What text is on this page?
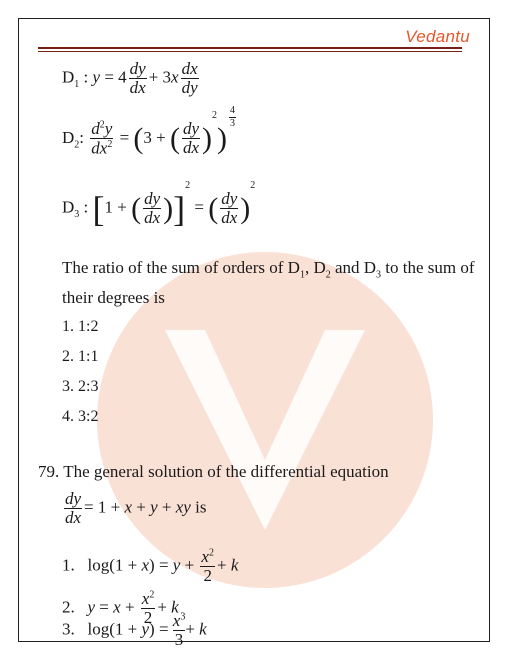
Vedantu
$D_1$ : $y = 4 \frac{dy}{dx} + 3x \frac{dx}{dy}$
$D_2$: $\frac{d^2y}{dx^2} = (3$ + ( $\frac{dy}{dx} )^2$)
$\frac{4}{3}$
$D_3$ : [1 + ( $\frac{dy}{dx} )]^2$ = ( $\frac{dy}{dx} )^2$
The ratio of the sum of orders of $D_1$, $D_2$ and $D_3$ to the sum of
their degrees is
1. 1:2
2. 1:1
3. 2:3
4. 3:2
79. The general solution of the differential equation
$\frac{dy}{dx} = 1 + x + y$ + xy is
1.   $\log(1 + x) = y + \frac{x^2}{2} + k$
2. $y = x + \frac{x^2}{2} + k$
3.   $\log(1 + y) = \frac{x^3}{3} + k$
